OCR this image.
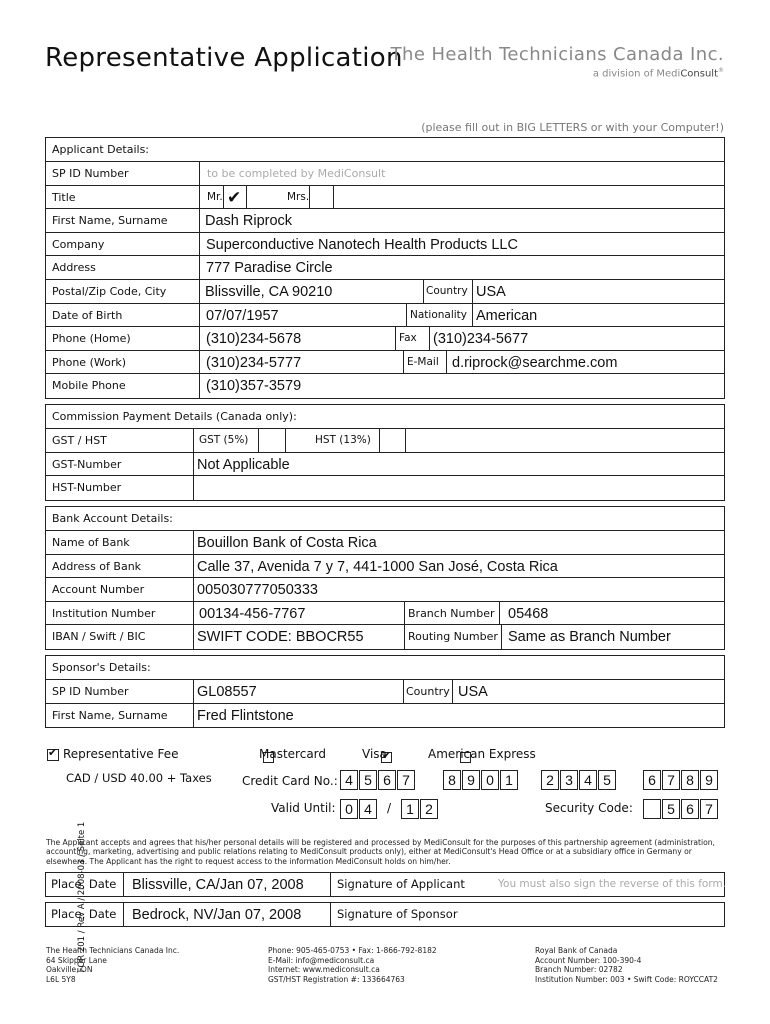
Representative Application
The Health Technicians Canada Inc.
a division of MediConsult®
(please fill out in BIG LETTERS or with your Computer!)
Applicant Details:
SP ID Number	to be completed by MediConsult
Title	Mr. ✔	Mrs.
First Name, Surname	Dash Riprock
Company	Superconductive Nanotech Health Products LLC
Address	777 Paradise Circle
Postal/Zip Code, City	Blissville, CA 90210	Country USA
Date of Birth	07/07/1957	Nationality American
Phone (Home)	(310)234-5678	Fax (310)234-5677
Phone (Work)	(310)234-5777	E-Mail d.riprock@searchme.com
Mobile Phone	(310)357-3579
Commission Payment Details (Canada only):
GST / HST	GST (5%)	HST (13%)
GST-Number	Not Applicable
HST-Number
Bank Account Details:
Name of Bank	Bouillon Bank of Costa Rica
Address of Bank	Calle 37, Avenida 7 y 7, 441-1000 San José, Costa Rica
Account Number	005030777050333
Institution Number	00134-456-7767	Branch Number 05468
IBAN / Swift / BIC	SWIFT CODE: BBOCR55	Routing Number Same as Branch Number
Sponsor's Details:
SP ID Number	GL08557	Country USA
First Name, Surname Fred Flintstone
✔
Representative Fee
CAD / USD 40.00 + Taxes

Mastercard
✔	Visa	American Express
Credit Card No.: 4 5 6 7	8 9 0 1	2 3 4 5	6 7 8 9
Valid Until: 0 4	1 2
/	Security Code:	5 6 7
The Applicant accepts and agrees that his/her personal details will be registered and processed by MediConsult for the purposes of this partnership agreement (administration, accounting, marketing, advertising and public relations relating to MediConsult products only), either at MediConsult's Head Office or at a subsidiary office in Germany or elsewhere. The Applicant has the right to request access to the information MediConsult holds on him/her.
Place, Date Blissville, CA/Jan 07, 2008	Signature of Applicant	You must also sign the reverse of this form.
Place, Date Bedrock, NV/Jan 07, 2008	Signature of Sponsor
FOR 201 / Rev A / 2008-03 / Seite 1
The Health Technicians Canada Inc.
64 Skipper Lane
Oakville, ON
L6L 5Y8
Phone: 905-465-0753 • Fax: 1-866-792-8182
E-Mail: info@mediconsult.ca
Internet: www.mediconsult.ca
GST/HST Registration #: 133664763
Royal Bank of Canada
Account Number: 100-390-4
Branch Number: 02782
Institution Number: 003 • Swift Code: ROYCCAT2
